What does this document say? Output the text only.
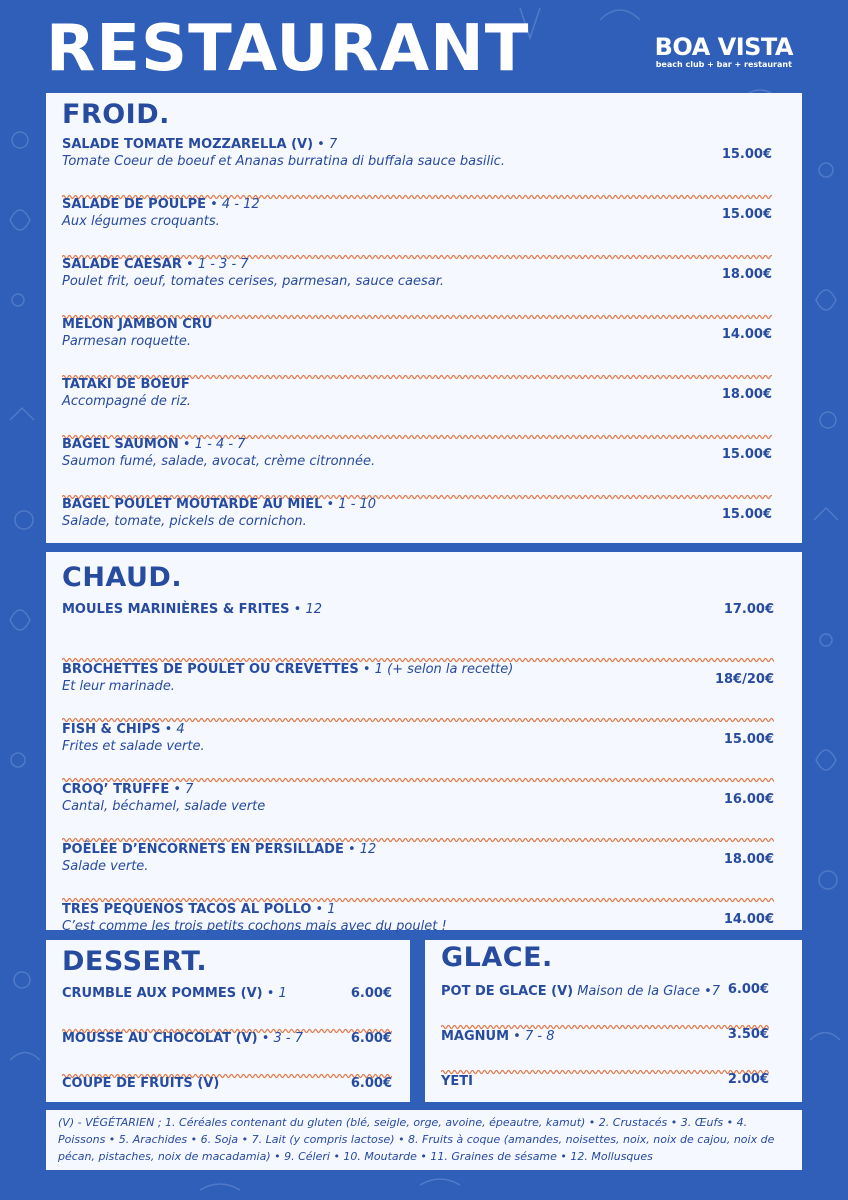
RESTAURANT	BOA VISTA
beach club + bar + restaurant
FROID.
SALADE TOMATE MOZZARELLA (V) • 7
Tomate Coeur de boeuf et Ananas burratina di buffala sauce basilic.	15.00€
SALADE DE POULPE • 4 - 12
Aux légumes croquants.	15.00€
SALADE CAESAR • 1 - 3 - 7
Poulet frit, oeuf, tomates cerises, parmesan, sauce caesar.	18.00€
MELON JAMBON CRU
Parmesan roquette.	14.00€
TATAKI DE BOEUF
Accompagné de riz.	18.00€
BAGEL SAUMON • 1 - 4 - 7
Saumon fumé, salade, avocat, crème citronnée.	15.00€
BAGEL POULET MOUTARDE AU MIEL • 1 - 10
Salade, tomate, pickels de cornichon.	15.00€
CHAUD.
MOULES MARINIÈRES & FRITES • 12	17.00€
BROCHETTES DE POULET OU CREVETTES • 1 (+ selon la recette)
Et leur marinade.	18€/20€
FISH & CHIPS • 4
Frites et salade verte.	15.00€
CROQ’ TRUFFE • 7
Cantal, béchamel, salade verte	16.00€
POÊLÉE D’ENCORNETS EN PERSILLADE • 12
Salade verte.	18.00€
TRES PEQUENOS TACOS AL POLLO • 1
C’est comme les trois petits cochons mais avec du poulet !	14.00€
DESSERT.
CRUMBLE AUX POMMES (V) • 1	6.00€
MOUSSE AU CHOCOLAT (V) • 3 - 7	6.00€
COUPE DE FRUITS (V)	6.00€
GLACE.
POT DE GLACE (V) Maison de la Glace •7 6.00€
MAGNUM • 7 - 8	3.50€
YETI	2.00€
(V) - VÉGÉTARIEN ; 1. Céréales contenant du gluten (blé, seigle, orge, avoine, épeautre, kamut) • 2. Crustacés • 3. Œufs • 4.
Poissons • 5. Arachides • 6. Soja • 7. Lait (y compris lactose) • 8. Fruits à coque (amandes, noisettes, noix, noix de cajou, noix de
pécan, pistaches, noix de macadamia) • 9. Céleri • 10. Moutarde • 11. Graines de sésame • 12. Mollusques
